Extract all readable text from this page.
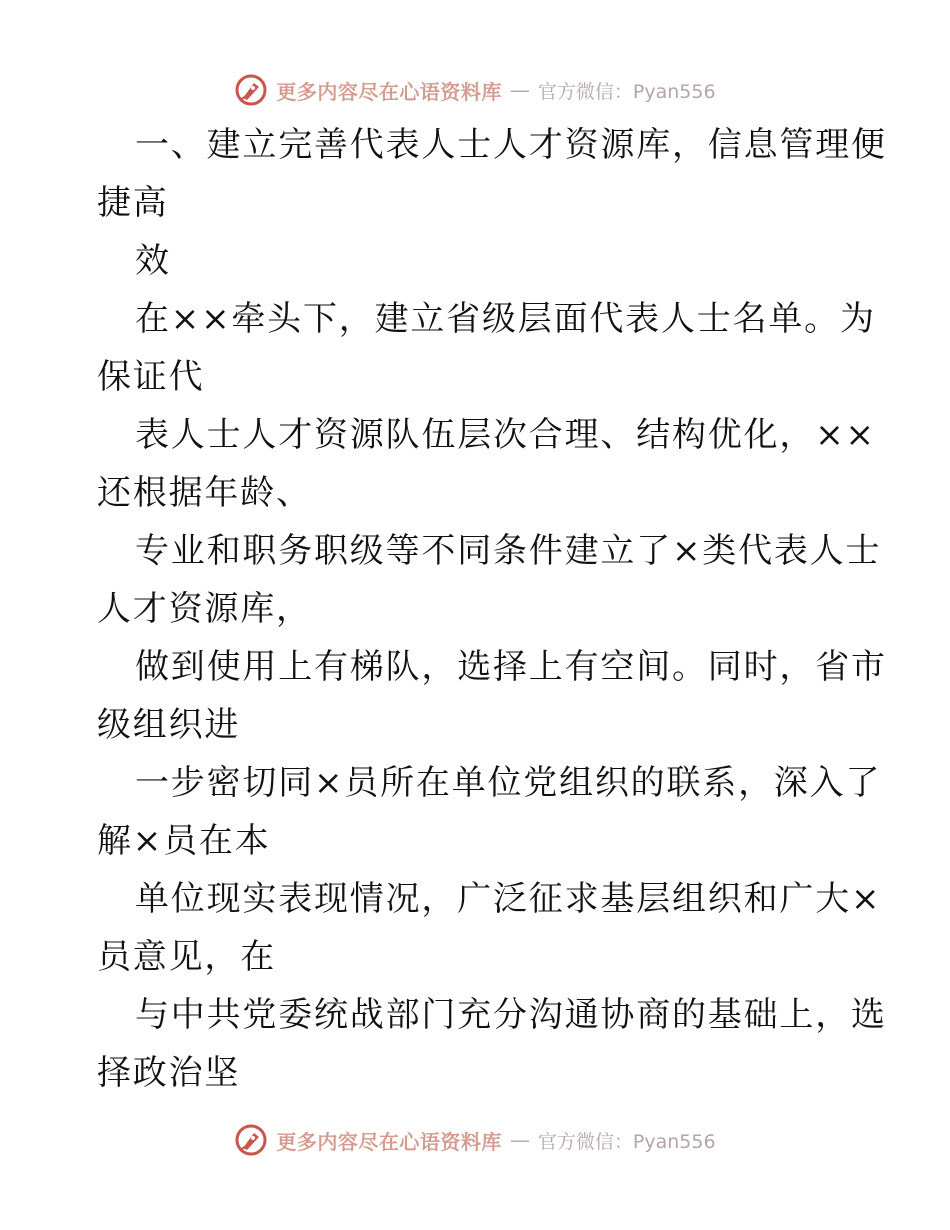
更多内容尽在心语资料库 — 官方微信：Pyan556
一、建立完善代表人士人才资源库，信息管理便
捷高
效
在××牵头下，建立省级层面代表人士名单。为
保证代
表人士人才资源队伍层次合理、结构优化，××
还根据年龄、
专业和职务职级等不同条件建立了×类代表人士
人才资源库，
做到使用上有梯队，选择上有空间。同时，省市
级组织进
一步密切同×员所在单位党组织的联系，深入了
解×员在本
单位现实表现情况，广泛征求基层组织和广大×
员意见，在
与中共党委统战部门充分沟通协商的基础上，选
择政治坚
更多内容尽在心语资料库 — 官方微信：Pyan556
